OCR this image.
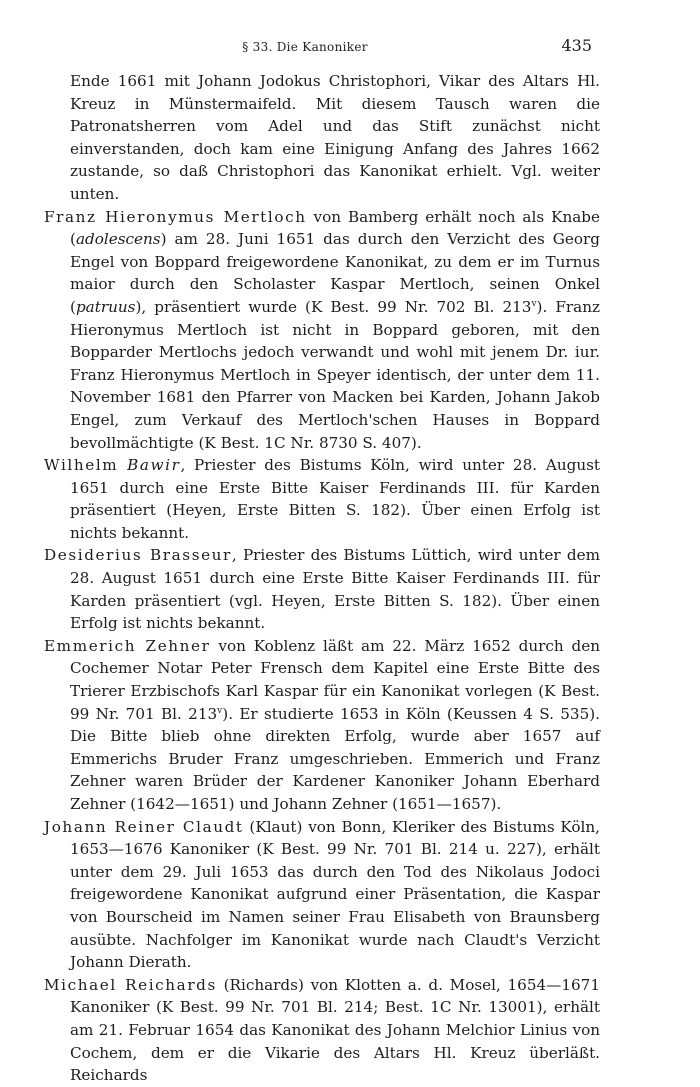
§ 33. Die Kanoniker	435

Ende 1661 mit Johann Jodokus Christophori, Vikar des Altars Hl. Kreuz in Münstermaifeld. Mit diesem Tausch waren die Patronatsherren vom Adel und das Stift zunächst nicht einverstanden, doch kam eine Einigung Anfang des Jahres 1662 zustande, so daß Christophori das Kanonikat erhielt. Vgl. weiter unten.

Franz Hieronymus Mertloch von Bamberg erhält noch als Knabe (adolescens) am 28. Juni 1651 das durch den Verzicht des Georg Engel von Boppard freigewordene Kanonikat, zu dem er im Turnus maior durch den Scholaster Kaspar Mertloch, seinen Onkel (patruus), präsentiert wurde (K Best. 99 Nr. 702 Bl. 213$^v$). Franz Hieronymus Mertloch ist nicht in Boppard geboren, mit den Bopparder Mertlochs jedoch verwandt und wohl mit jenem Dr. iur. Franz Hieronymus Mertloch in Speyer identisch, der unter dem 11. November 1681 den Pfarrer von Macken bei Karden, Johann Jakob Engel, zum Verkauf des Mertloch'schen Hauses in Boppard bevollmächtigte (K Best. 1C Nr. 8730 S. 407).

Wilhelm Bawir, Priester des Bistums Köln, wird unter 28. August 1651 durch eine Erste Bitte Kaiser Ferdinands III. für Karden präsentiert (Heyen, Erste Bitten S. 182). Über einen Erfolg ist nichts bekannt.

Desiderius Brasseur, Priester des Bistums Lüttich, wird unter dem 28. August 1651 durch eine Erste Bitte Kaiser Ferdinands III. für Karden präsentiert (vgl. Heyen, Erste Bitten S. 182). Über einen Erfolg ist nichts bekannt.

Emmerich Zehner von Koblenz läßt am 22. März 1652 durch den Cochemer Notar Peter Frensch dem Kapitel eine Erste Bitte des Trierer Erzbischofs Karl Kaspar für ein Kanonikat vorlegen (K Best. 99 Nr. 701 Bl. 213$^v$). Er studierte 1653 in Köln (Keussen 4 S. 535). Die Bitte blieb ohne direkten Erfolg, wurde aber 1657 auf Emmerichs Bruder Franz umgeschrieben. Emmerich und Franz Zehner waren Brüder der Kardener Kanoniker Johann Eberhard Zehner (1642—1651) und Johann Zehner (1651—1657).

Johann Reiner Claudt (Klaut) von Bonn, Kleriker des Bistums Köln, 1653—1676 Kanoniker (K Best. 99 Nr. 701 Bl. 214 u. 227), erhält unter dem 29. Juli 1653 das durch den Tod des Nikolaus Jodoci freigewordene Kanonikat aufgrund einer Präsentation, die Kaspar von Bourscheid im Namen seiner Frau Elisabeth von Braunsberg ausübte. Nachfolger im Kanonikat wurde nach Claudt's Verzicht Johann Dierath.

Michael Reichards (Richards) von Klotten a. d. Mosel, 1654—1671 Kanoniker (K Best. 99 Nr. 701 Bl. 214; Best. 1C Nr. 13001), erhält am 21. Februar 1654 das Kanonikat des Johann Melchior Linius von Cochem, dem er die Vikarie des Altars Hl. Kreuz überläßt. Reichards
